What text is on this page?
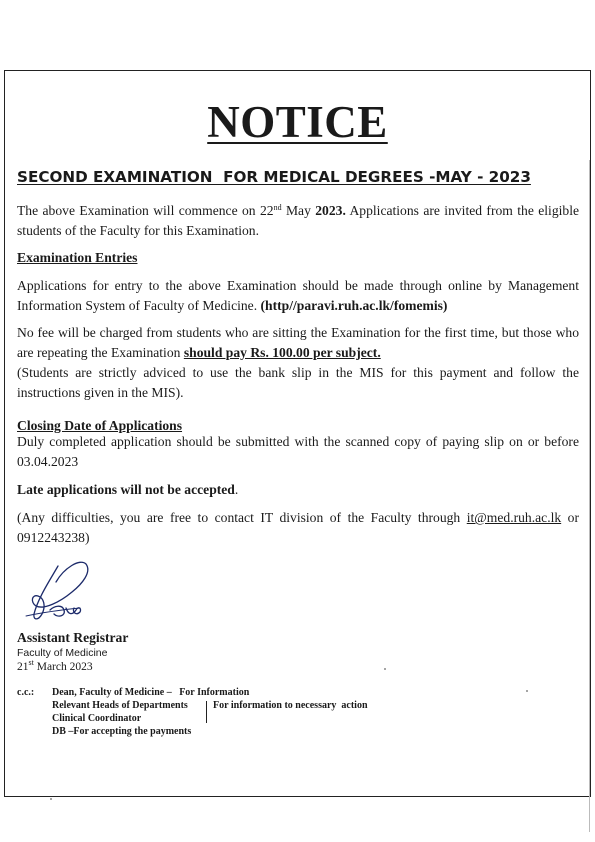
NOTICE
SECOND EXAMINATION  FOR MEDICAL DEGREES -MAY - 2023
The above Examination will commence on 22nd May 2023. Applications are invited from the eligible students of the Faculty for this Examination.
Examination Entries
Applications for entry to the above Examination should be made through online by Management Information System of Faculty of Medicine. (http//paravi.ruh.ac.lk/fomemis)
No fee will be charged from students who are sitting the Examination for the first time, but those who are repeating the Examination should pay Rs. 100.00 per subject.
(Students are strictly adviced to use the bank slip in the MIS for this payment and follow the instructions given in the MIS).
Closing Date of Applications
Duly completed application should be submitted with the scanned copy of paying slip on or before 03.04.2023
Late applications will not be accepted.
(Any difficulties, you are free to contact IT division of the Faculty through it@med.ruh.ac.lk or 0912243238)
Assistant Registrar
Faculty of Medicine
21st March 2023
c.c.: Dean, Faculty of Medicine –   For Information
Relevant Heads of Departments	For information to necessary  action
Clinical Coordinator
DB –For accepting the payments
